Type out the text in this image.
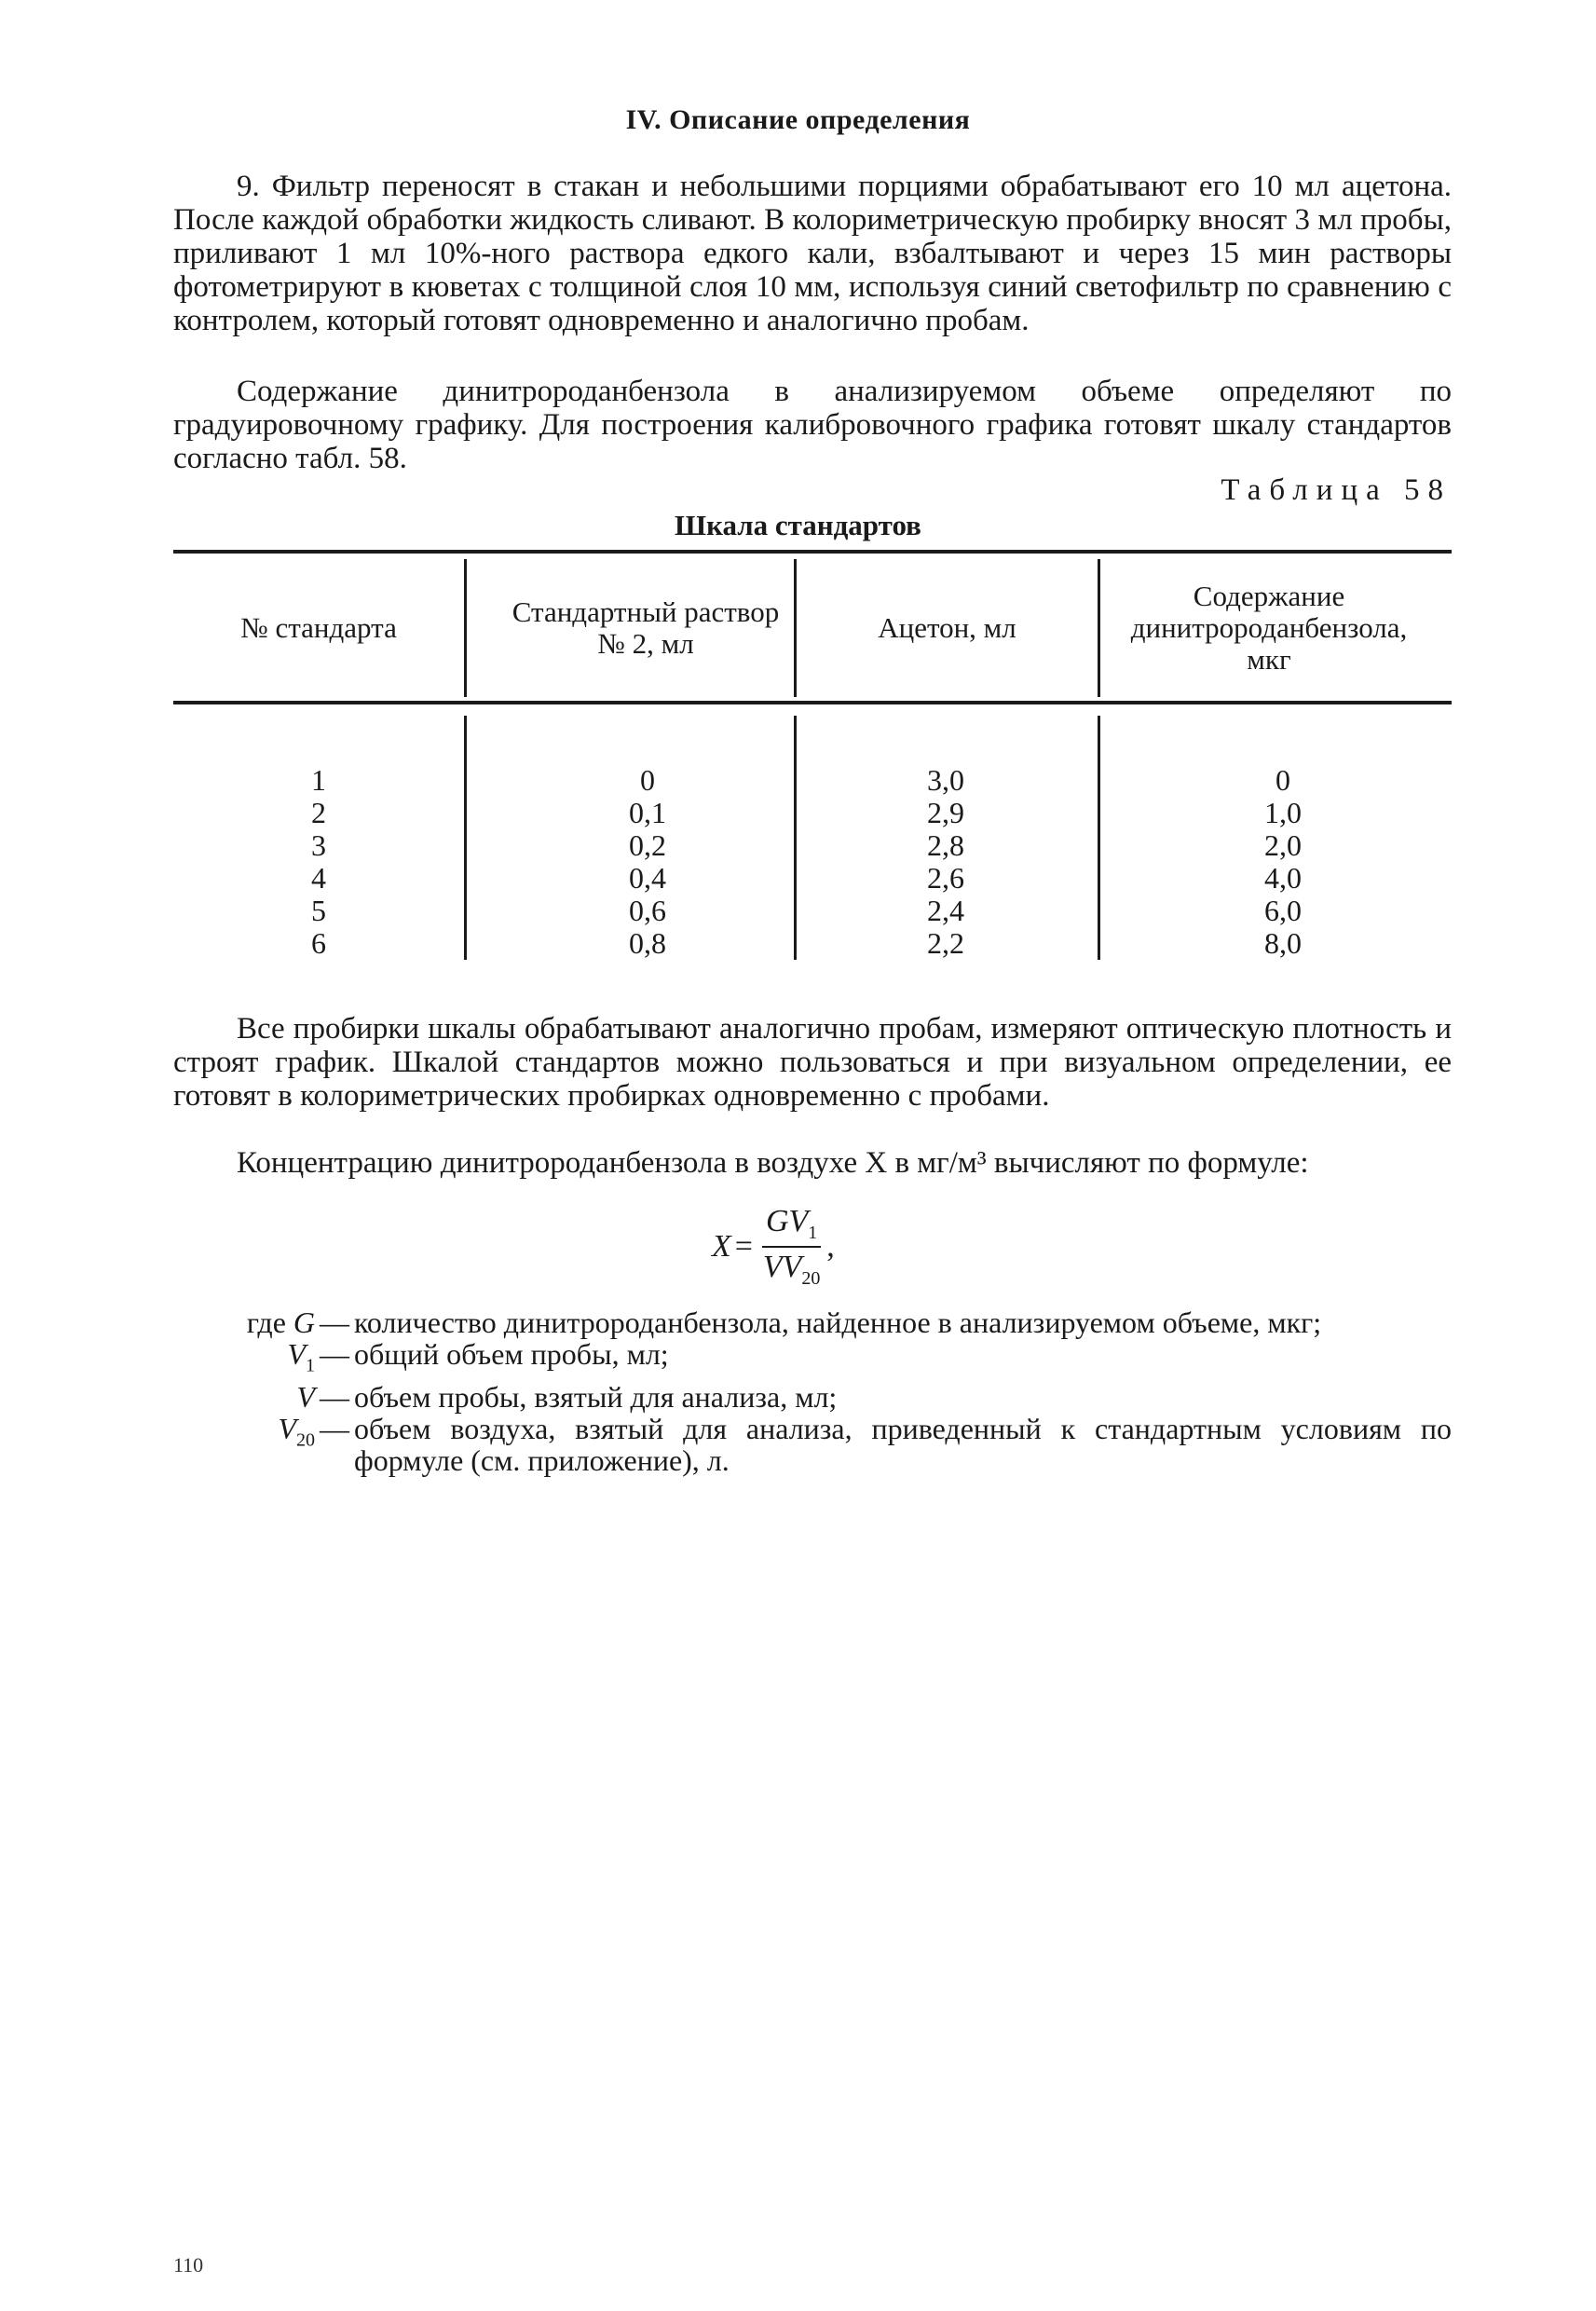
IV. Описание определения

9. Фильтр переносят в стакан и небольшими порциями обрабатывают его 10 мл ацетона. После каждой обработки жидкость сливают. В колориметрическую пробирку вносят 3 мл пробы, приливают 1 мл 10%-ного раствора едкого кали, взбалтывают и через 15 мин растворы фотометрируют в кюветах с толщиной слоя 10 мм, используя синий светофильтр по сравнению с контролем, который готовят одновременно и аналогично пробам.

Содержание динитророданбензола в анализируемом объеме определяют по градуировочному графику. Для построения калибровочного графика готовят шкалу стандартов согласно табл. 58.

Таблица 58
Шкала стандартов
№ стандарта	Стандартный раствор № 2, мл	Ацетон, мл
Содержание динитророданбензола, мкг
1
2
3
4
5
6
0
0,1
0,2
0,4
0,6
0,8
3,0
2,9
2,8
2,6
2,4
2,2
0
1,0
2,0
4,0
6,0
8,0

Все пробирки шкалы обрабатывают аналогично пробам, измеряют оптическую плотность и строят график. Шкалой стандартов можно пользоваться и при визуальном определении, ее готовят в колориметрических пробирках одновременно с пробами.

Концентрацию динитророданбензола в воздухе X в мг/м³ вычисляют по формуле:

$X = \frac{GV_1}{VV_{20}}$ ,
где G — количество динитророданбензола, найденное в анализируемом объеме, мкг;
$V_1$ — общий объем пробы, мл;
V — объем пробы, взятый для анализа, мл;
$V_{20}$ — объем воздуха, взятый для анализа, приведенный к стандартным условиям по формуле (см. приложение), л.
110
